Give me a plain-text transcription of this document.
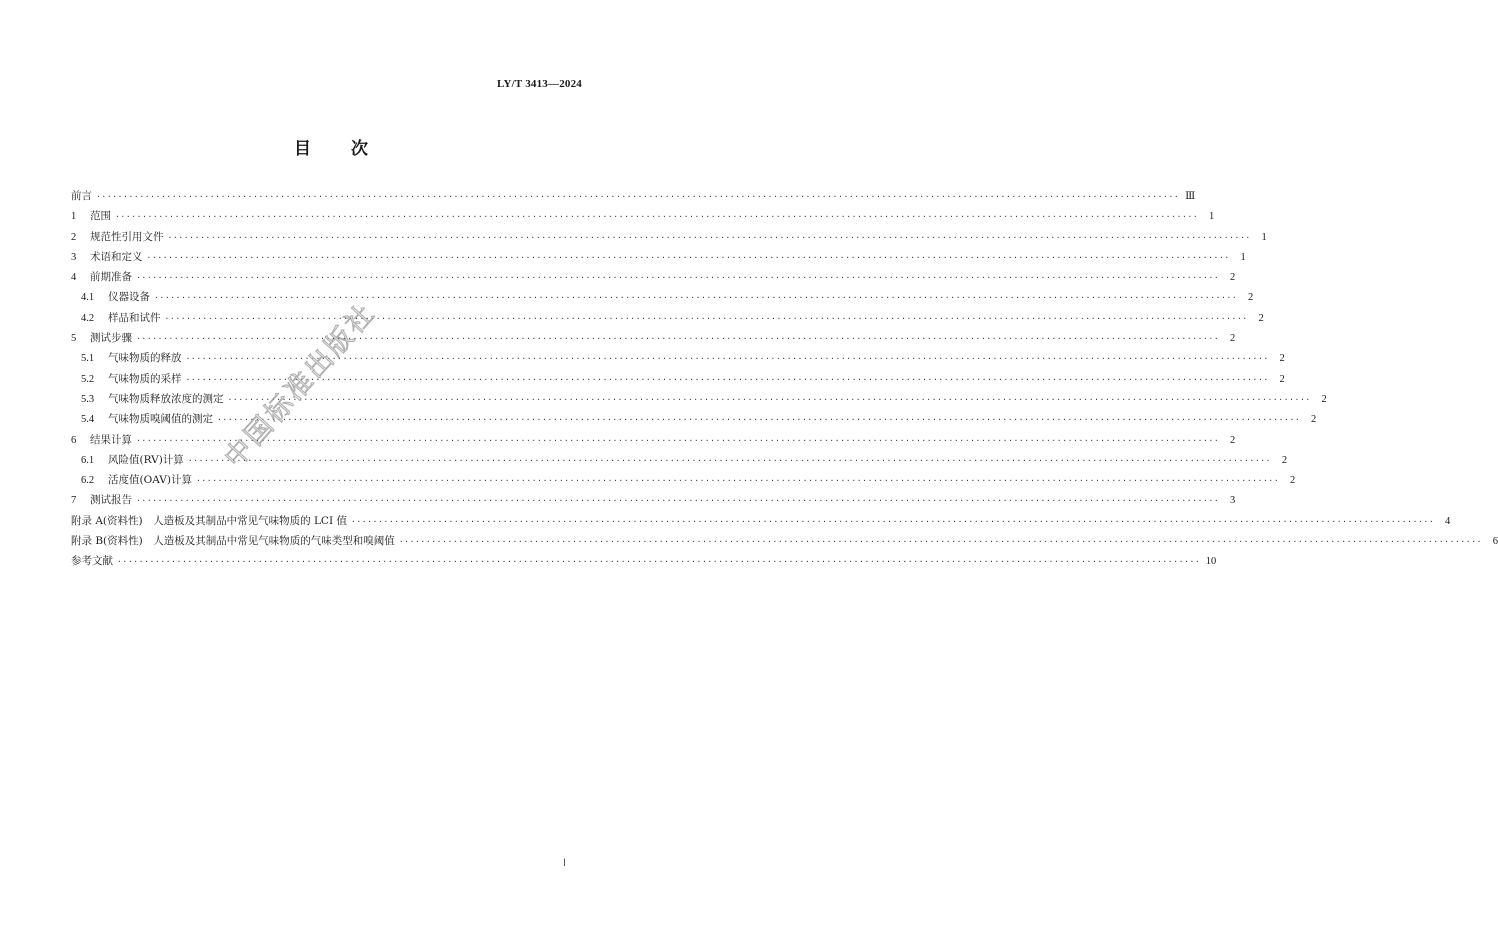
LY/T 3413—2024
目 次
前言 ········································································································································································································ Ⅲ
1	范围 ········································································································································································································	1
2	规范性引用文件 ········································································································································································································	1
3	术语和定义 ········································································································································································································	1
4	前期准备 ········································································································································································································	2
4.1	仪器设备 ········································································································································································································	2
4.2	样品和试件 ········································································································································································································	2
5	测试步骤 ········································································································································································································	2
5.1	气味物质的释放 ········································································································································································································	2
5.2	气味物质的采样 ········································································································································································································	2
5.3	气味物质释放浓度的测定 ········································································································································································································	2
5.4	气味物质嗅阈值的测定 ········································································································································································································	2
6	结果计算 ········································································································································································································	2
6.1	风险值(RV)计算 ········································································································································································································	2
6.2	活度值(OAV)计算 ········································································································································································································	2
7	测试报告 ········································································································································································································	3
附录 A(资料性)　人造板及其制品中常见气味物质的 LCI 值 ········································································································································································································	4
附录 B(资料性)　人造板及其制品中常见气味物质的气味类型和嗅阈值 ········································································································································································································	6
参考文献 ········································································································································································································ 10
中国标准出版社
Ⅰ
